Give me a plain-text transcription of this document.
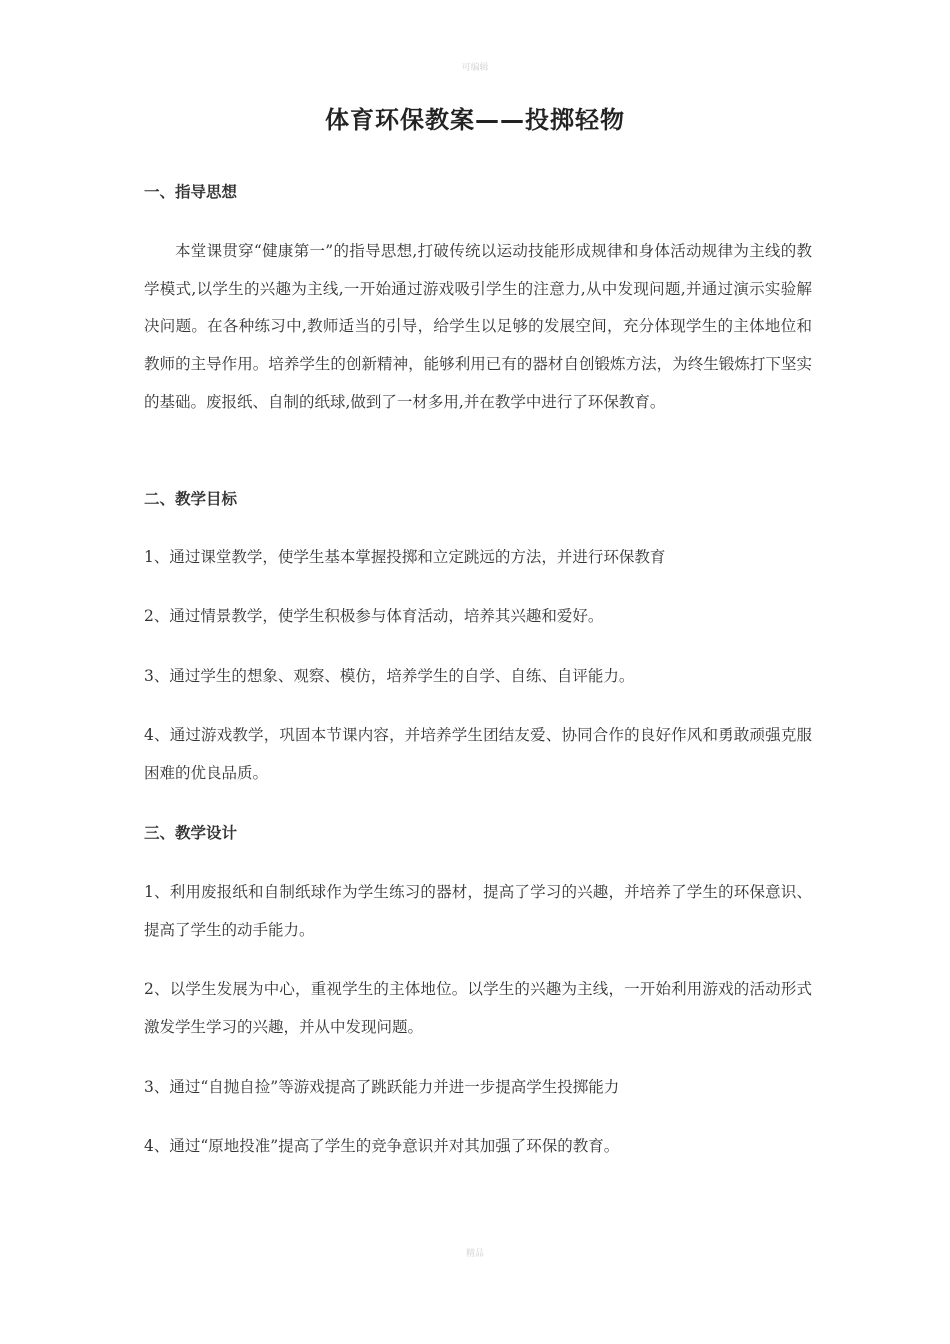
可编辑
体育环保教案——投掷轻物
一、指导思想
本堂课贯穿“健康第一”的指导思想,打破传统以运动技能形成规律和身体活动规律为主线的教学模式,以学生的兴趣为主线,一开始通过游戏吸引学生的注意力,从中发现问题,并通过演示实验解决问题。在各种练习中,教师适当的引导，给学生以足够的发展空间，充分体现学生的主体地位和教师的主导作用。培养学生的创新精神，能够利用已有的器材自创锻炼方法，为终生锻炼打下坚实的基础。废报纸、自制的纸球,做到了一材多用,并在教学中进行了环保教育。
二、教学目标
1、通过课堂教学，使学生基本掌握投掷和立定跳远的方法，并进行环保教育
2、通过情景教学，使学生积极参与体育活动，培养其兴趣和爱好。
3、通过学生的想象、观察、模仿，培养学生的自学、自练、自评能力。
4、通过游戏教学，巩固本节课内容，并培养学生团结友爱、协同合作的良好作风和勇敢顽强克服困难的优良品质。
三、教学设计
1、利用废报纸和自制纸球作为学生练习的器材，提高了学习的兴趣，并培养了学生的环保意识、提高了学生的动手能力。
2、以学生发展为中心，重视学生的主体地位。以学生的兴趣为主线，一开始利用游戏的活动形式激发学生学习的兴趣，并从中发现问题。
3、通过“自抛自捡”等游戏提高了跳跃能力并进一步提高学生投掷能力
4、通过“原地投准”提高了学生的竞争意识并对其加强了环保的教育。
精品
